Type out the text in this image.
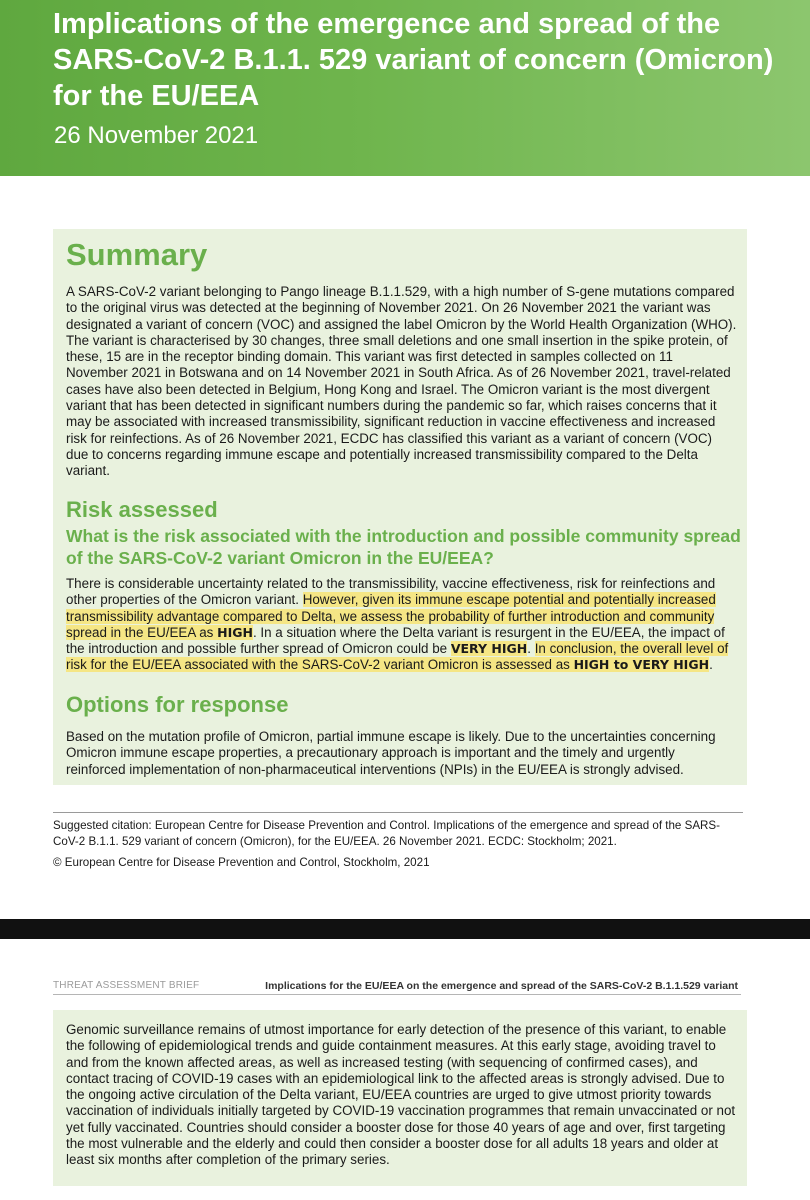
Implications of the emergence and spread of the SARS-CoV-2 B.1.1. 529 variant of concern (Omicron) for the EU/EEA
26 November 2021
Summary

A SARS-CoV-2 variant belonging to Pango lineage B.1.1.529, with a high number of S-gene mutations compared to the original virus was detected at the beginning of November 2021. On 26 November 2021 the variant was designated a variant of concern (VOC) and assigned the label Omicron by the World Health Organization (WHO). The variant is characterised by 30 changes, three small deletions and one small insertion in the spike protein, of these, 15 are in the receptor binding domain. This variant was first detected in samples collected on 11 November 2021 in Botswana and on 14 November 2021 in South Africa. As of 26 November 2021, travel-related cases have also been detected in Belgium, Hong Kong and Israel. The Omicron variant is the most divergent variant that has been detected in significant numbers during the pandemic so far, which raises concerns that it may be associated with increased transmissibility, significant reduction in vaccine effectiveness and increased risk for reinfections. As of 26 November 2021, ECDC has classified this variant as a variant of concern (VOC) due to concerns regarding immune escape and potentially increased transmissibility compared to the Delta variant.

Risk assessed
What is the risk associated with the introduction and possible community spread of the SARS-CoV-2 variant Omicron in the EU/EEA?

There is considerable uncertainty related to the transmissibility, vaccine effectiveness, risk for reinfections and other properties of the Omicron variant. However, given its immune escape potential and potentially increased transmissibility advantage compared to Delta, we assess the probability of further introduction and community spread in the EU/EEA as HIGH. In a situation where the Delta variant is resurgent in the EU/EEA, the impact of the introduction and possible further spread of Omicron could be VERY HIGH. In conclusion, the overall level of risk for the EU/EEA associated with the SARS-CoV-2 variant Omicron is assessed as HIGH to VERY HIGH.

Options for response

Based on the mutation profile of Omicron, partial immune escape is likely. Due to the uncertainties concerning Omicron immune escape properties, a precautionary approach is important and the timely and urgently reinforced implementation of non-pharmaceutical interventions (NPIs) in the EU/EEA is strongly advised.

Suggested citation: European Centre for Disease Prevention and Control. Implications of the emergence and spread of the SARS-CoV-2 B.1.1. 529 variant of concern (Omicron), for the EU/EEA. 26 November 2021. ECDC: Stockholm; 2021.

© European Centre for Disease Prevention and Control, Stockholm, 2021

THREAT ASSESSMENT BRIEF	Implications for the EU/EEA on the emergence and spread of the SARS-CoV-2 B.1.1.529 variant

Genomic surveillance remains of utmost importance for early detection of the presence of this variant, to enable the following of epidemiological trends and guide containment measures. At this early stage, avoiding travel to and from the known affected areas, as well as increased testing (with sequencing of confirmed cases), and contact tracing of COVID-19 cases with an epidemiological link to the affected areas is strongly advised. Due to the ongoing active circulation of the Delta variant, EU/EEA countries are urged to give utmost priority towards vaccination of individuals initially targeted by COVID-19 vaccination programmes that remain unvaccinated or not yet fully vaccinated. Countries should consider a booster dose for those 40 years of age and over, first targeting the most vulnerable and the elderly and could then consider a booster dose for all adults 18 years and older at least six months after completion of the primary series.
